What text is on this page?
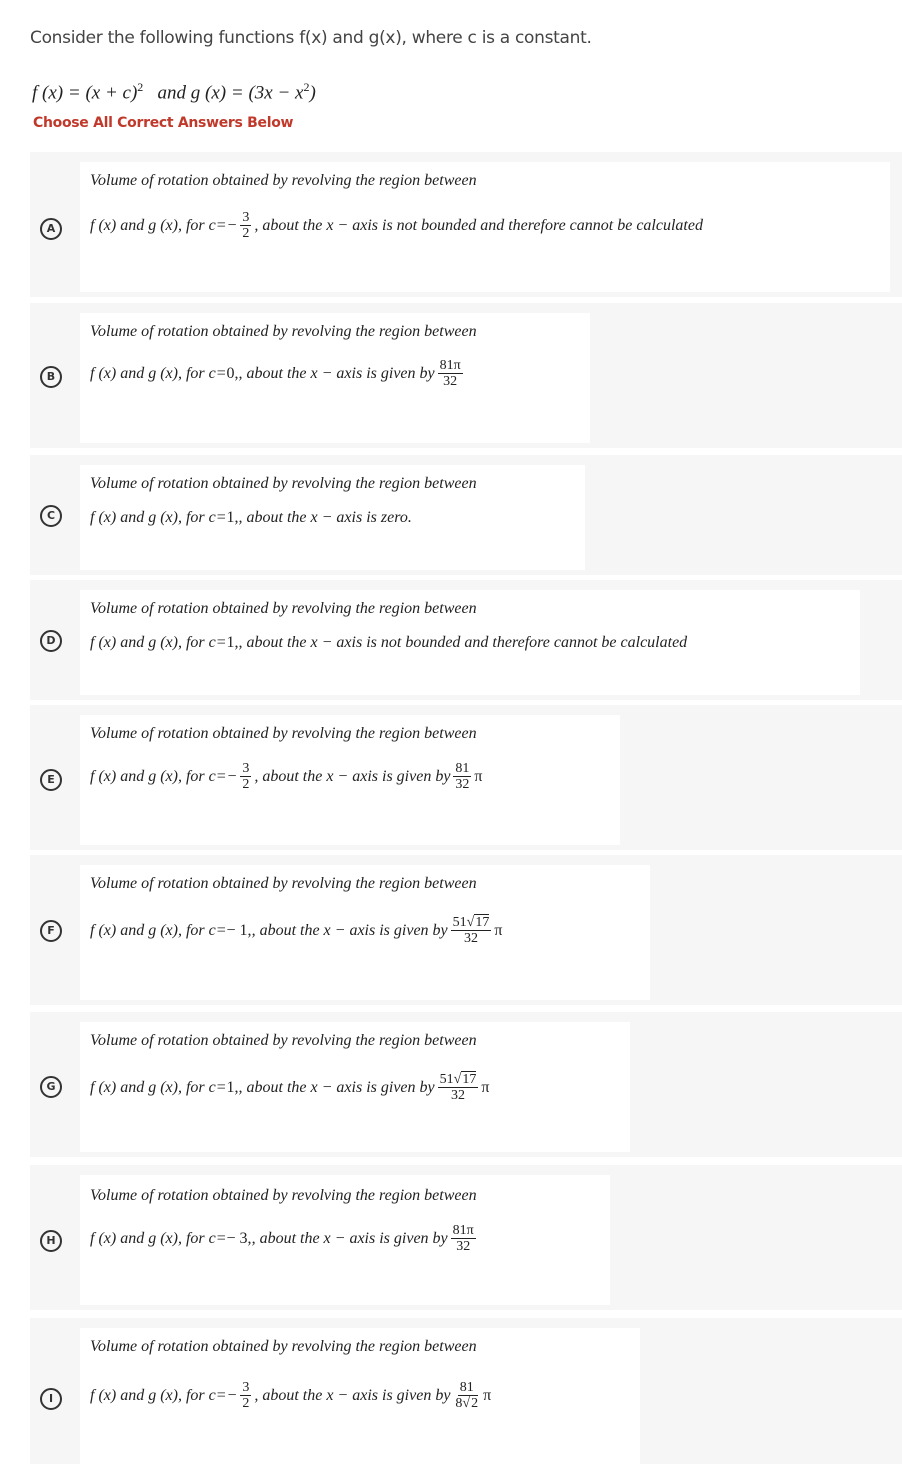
Consider the following functions f(x) and g(x), where c is a constant.
f $(x) = (x + c)^2$ and g $(x) = (3x - x^2)$
Choose All Correct Answers Below
A
Volume of rotation obtained by revolving the region between
f (x) and g (x), for $c= - \frac{3}{2}$ , about the x − axis is
not bounded and therefore cannot be calculated
B
Volume of rotation obtained by revolving the region between
f (x) and g (x), for c= 0, , about the x − axis is
given by $\frac{81\pi}{32}$
C
Volume of rotation obtained by revolving the region between
f (x) and g (x), for c= 1, , about the x − axis is
zero.
D
Volume of rotation obtained by revolving the region between
f (x) and g (x), for c= 1, , about the x − axis is
not bounded and therefore cannot be calculated
E
Volume of rotation obtained by revolving the region between
f (x) and g (x), for $c= - \frac{3}{2}$ , about the x − axis is
given by $\frac{81}{32}$ π
F
Volume of rotation obtained by revolving the region between
f (x) and g (x), for c= − 1, , about the x − axis is
given by $\frac{51√17}{32}$ π
G
Volume of rotation obtained by revolving the region between
f (x) and g (x), for c= 1, , about the x − axis is
given by $\frac{51√17}{32}$ π
H
Volume of rotation obtained by revolving the region between
f (x) and g (x), for c= − 3, , about the x − axis is
given by $\frac{81\pi}{32}$
I
Volume of rotation obtained by revolving the region between
f (x) and g (x), for $c= - \frac{3}{2}$ , about the x − axis is
given by $\frac{81}{8√2}$ π
